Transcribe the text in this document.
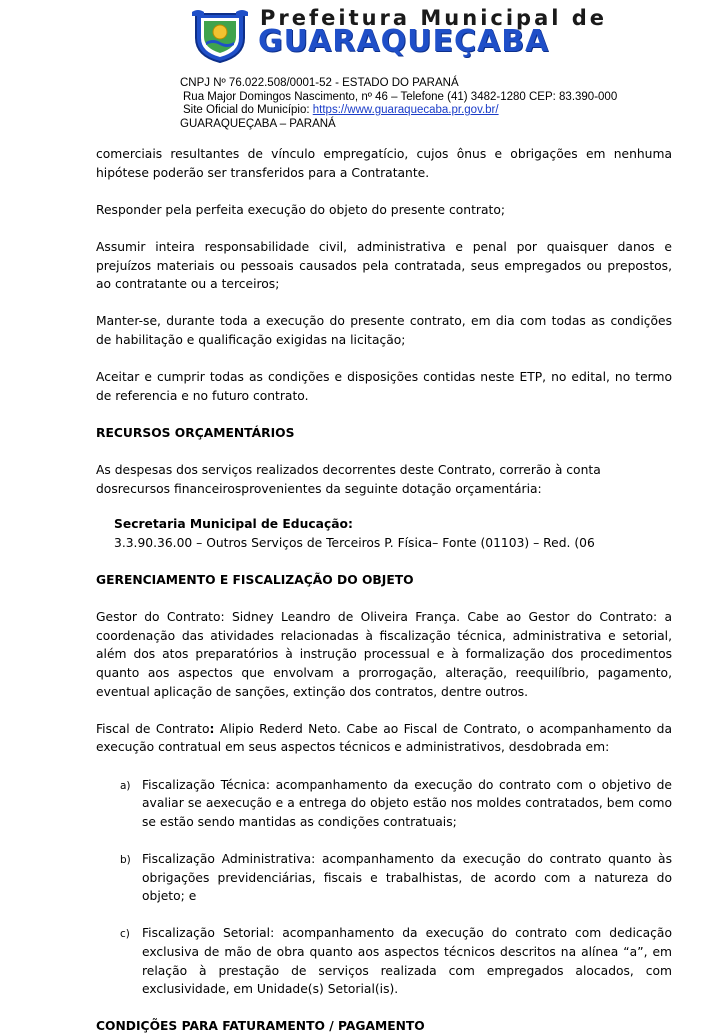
Prefeitura Municipal de
GUARAQUEÇABA
CNPJ Nº 76.022.508/0001-52 - ESTADO DO PARANÁ
Rua Major Domingos Nascimento, nº 46 – Telefone (41) 3482-1280 CEP: 83.390-000
Site Oficial do Município: https://www.guaraquecaba.pr.gov.br/
GUARAQUEÇABA – PARANÁ

comerciais resultantes de vínculo empregatício, cujos ônus e obrigações em nenhuma hipótese poderão ser transferidos para a Contratante.

Responder pela perfeita execução do objeto do presente contrato;

Assumir inteira responsabilidade civil, administrativa e penal por quaisquer danos e prejuízos materiais ou pessoais causados pela contratada, seus empregados ou prepostos, ao contratante ou a terceiros;

Manter-se, durante toda a execução do presente contrato, em dia com todas as condições de habilitação e qualificação exigidas na licitação;

Aceitar e cumprir todas as condições e disposições contidas neste ETP, no edital, no termo de referencia e no futuro contrato.

RECURSOS ORÇAMENTÁRIOS

As despesas dos serviços realizados decorrentes deste Contrato, correrão à conta

dosrecursos financeirosprovenientes da seguinte dotação orçamentária:

Secretaria Municipal de Educação:
3.3.90.36.00 – Outros Serviços de Terceiros P. Física– Fonte (01103) – Red. (06

GERENCIAMENTO E FISCALIZAÇÃO DO OBJETO

Gestor do Contrato: Sidney Leandro de Oliveira França. Cabe ao Gestor do Contrato: a coordenação das atividades relacionadas à fiscalização técnica, administrativa e setorial, além dos atos preparatórios à instrução processual e à formalização dos procedimentos quanto aos aspectos que envolvam a prorrogação, alteração, reequilíbrio, pagamento, eventual aplicação de sanções, extinção dos contratos, dentre outros.

Fiscal de Contrato: Alipio Rederd Neto. Cabe ao Fiscal de Contrato, o acompanhamento da execução contratual em seus aspectos técnicos e administrativos, desdobrada em:

a) Fiscalização Técnica: acompanhamento da execução do contrato com o objetivo de avaliar se aexecução e a entrega do objeto estão nos moldes contratados, bem como se estão sendo mantidas as condições contratuais;
b) Fiscalização Administrativa: acompanhamento da execução do contrato quanto às obrigações previdenciárias, fiscais e trabalhistas, de acordo com a natureza do objeto; e
c) Fiscalização Setorial: acompanhamento da execução do contrato com dedicação exclusiva de mão de obra quanto aos aspectos técnicos descritos na alínea “a”, em relação à prestação de serviços realizada com empregados alocados, com exclusividade, em Unidade(s) Setorial(is).

CONDIÇÕES PARA FATURAMENTO / PAGAMENTO
